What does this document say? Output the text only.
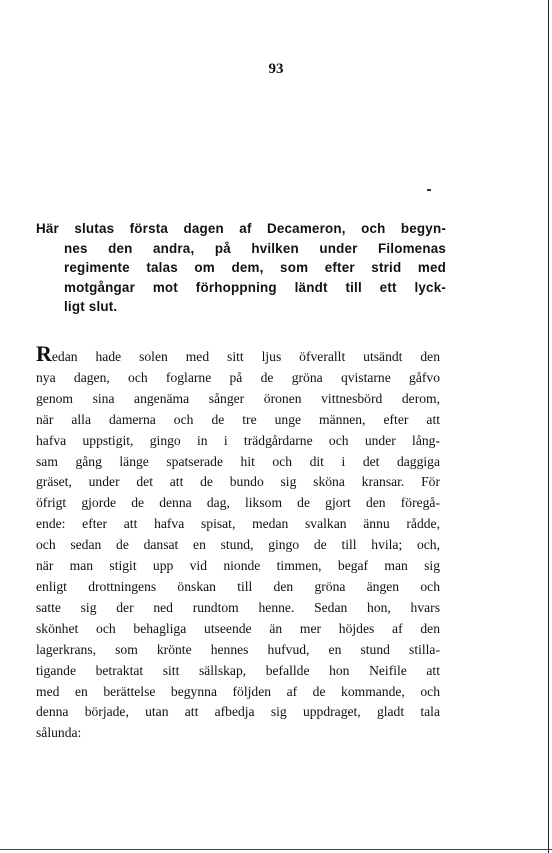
93
Här slutas första dagen af Decameron, och begyn-
nes den andra, på hvilken under Filomenas
regimente talas om dem, som efter strid med
motgångar mot förhoppning ländt till ett lyck-
ligt slut.
Redan hade solen med sitt ljus öfverallt utsändt den
nya dagen, och foglarne på de gröna qvistarne gåfvo
genom sina angenäma sånger öronen vittnesbörd derom,
när alla damerna och de tre unge männen, efter att
hafva uppstigit, gingo in i trädgårdarne och under lång-
sam gång länge spatserade hit och dit i det daggiga
gräset, under det att de bundo sig sköna kransar. För
öfrigt gjorde de denna dag, liksom de gjort den föregå-
ende: efter att hafva spisat, medan svalkan ännu rådde,
och sedan de dansat en stund, gingo de till hvila; och,
när man stigit upp vid nionde timmen, begaf man sig
enligt drottningens önskan till den gröna ängen och
satte sig der ned rundtom henne. Sedan hon, hvars
skönhet och behagliga utseende än mer höjdes af den
lagerkrans, som krönte hennes hufvud, en stund stilla-
tigande betraktat sitt sällskap, befallde hon Neifile att
med en berättelse begynna följden af de kommande, och
denna började, utan att afbedja sig uppdraget, gladt tala
sålunda:
